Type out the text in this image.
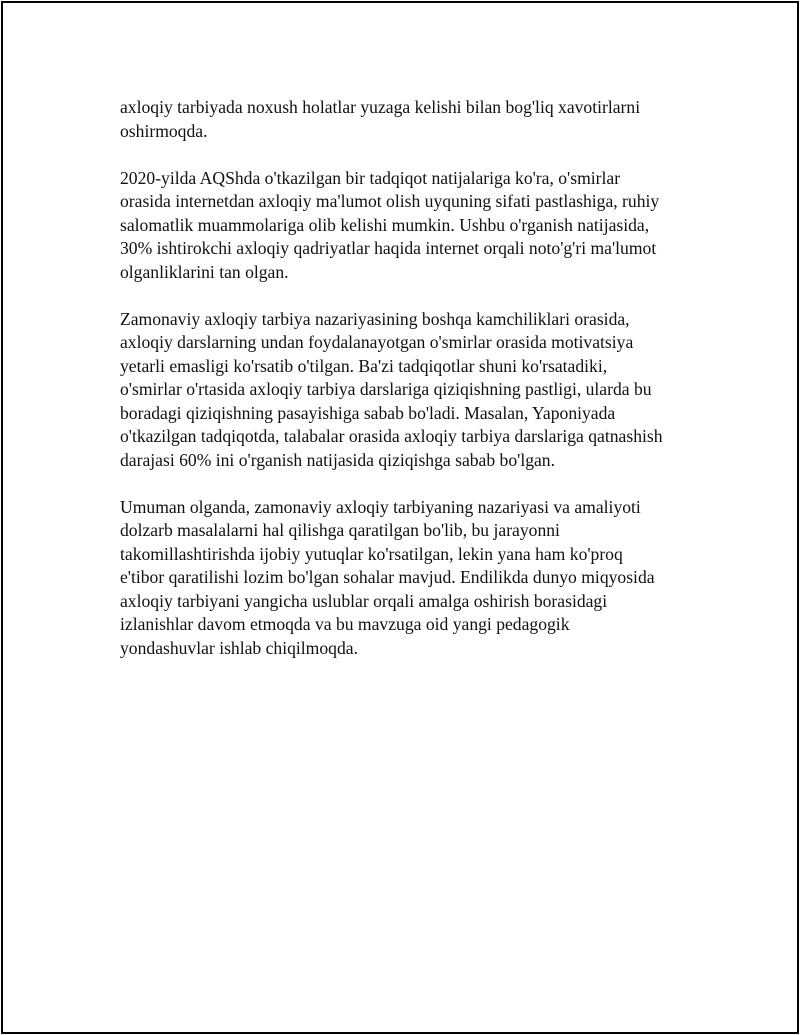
axloqiy tarbiyada noxush holatlar yuzaga kelishi bilan bog'liq xavotirlarni
oshirmoqda.

2020-yilda AQShda o'tkazilgan bir tadqiqot natijalariga ko'ra, o'smirlar
orasida internetdan axloqiy ma'lumot olish uyquning sifati pastlashiga, ruhiy
salomatlik muammolariga olib kelishi mumkin. Ushbu o'rganish natijasida,
30% ishtirokchi axloqiy qadriyatlar haqida internet orqali noto'g'ri ma'lumot
olganliklarini tan olgan.

Zamonaviy axloqiy tarbiya nazariyasining boshqa kamchiliklari orasida,
axloqiy darslarning undan foydalanayotgan o'smirlar orasida motivatsiya
yetarli emasligi ko'rsatib o'tilgan. Ba'zi tadqiqotlar shuni ko'rsatadiki,
o'smirlar o'rtasida axloqiy tarbiya darslariga qiziqishning pastligi, ularda bu
boradagi qiziqishning pasayishiga sabab bo'ladi. Masalan, Yaponiyada
o'tkazilgan tadqiqotda, talabalar orasida axloqiy tarbiya darslariga qatnashish
darajasi 60% ini o'rganish natijasida qiziqishga sabab bo'lgan.

Umuman olganda, zamonaviy axloqiy tarbiyaning nazariyasi va amaliyoti
dolzarb masalalarni hal qilishga qaratilgan bo'lib, bu jarayonni
takomillashtirishda ijobiy yutuqlar ko'rsatilgan, lekin yana ham ko'proq
e'tibor qaratilishi lozim bo'lgan sohalar mavjud. Endilikda dunyo miqyosida
axloqiy tarbiyani yangicha uslublar orqali amalga oshirish borasidagi
izlanishlar davom etmoqda va bu mavzuga oid yangi pedagogik
yondashuvlar ishlab chiqilmoqda.
